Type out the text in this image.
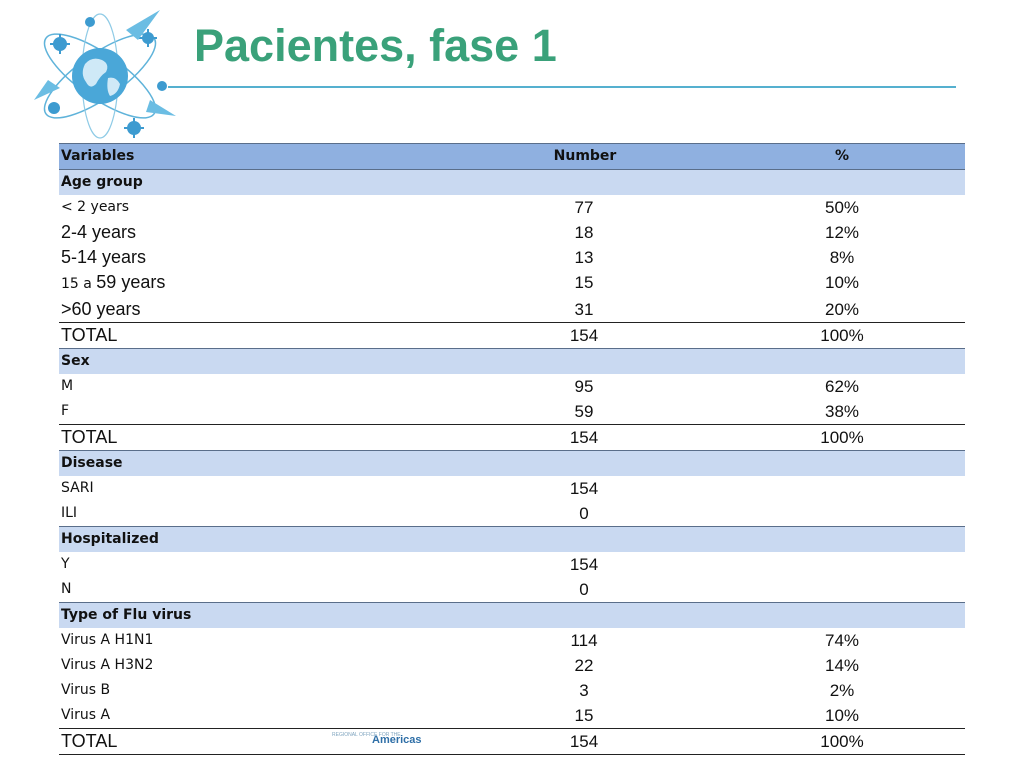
Pacientes, fase 1
Variables	Number	%
Age group		
< 2 years	77	50%
2-4 years	18	12%
5-14 years	13	8%
15 a 59 years	15	10%
>60 years	31	20%
TOTAL	154	100%
Sex		
M	95	62%
F	59	38%
TOTAL	154	100%
Disease		
SARI	154	
ILI	0	
Hospitalized		
Y	154	
N	0	
Type of Flu virus		
Virus A H1N1	114	74%
Virus A H3N2	22	14%
Virus B	3	2%
Virus A	15	10%
TOTAL	154	100%
REGIONAL OFFICE FOR THE
Americas
